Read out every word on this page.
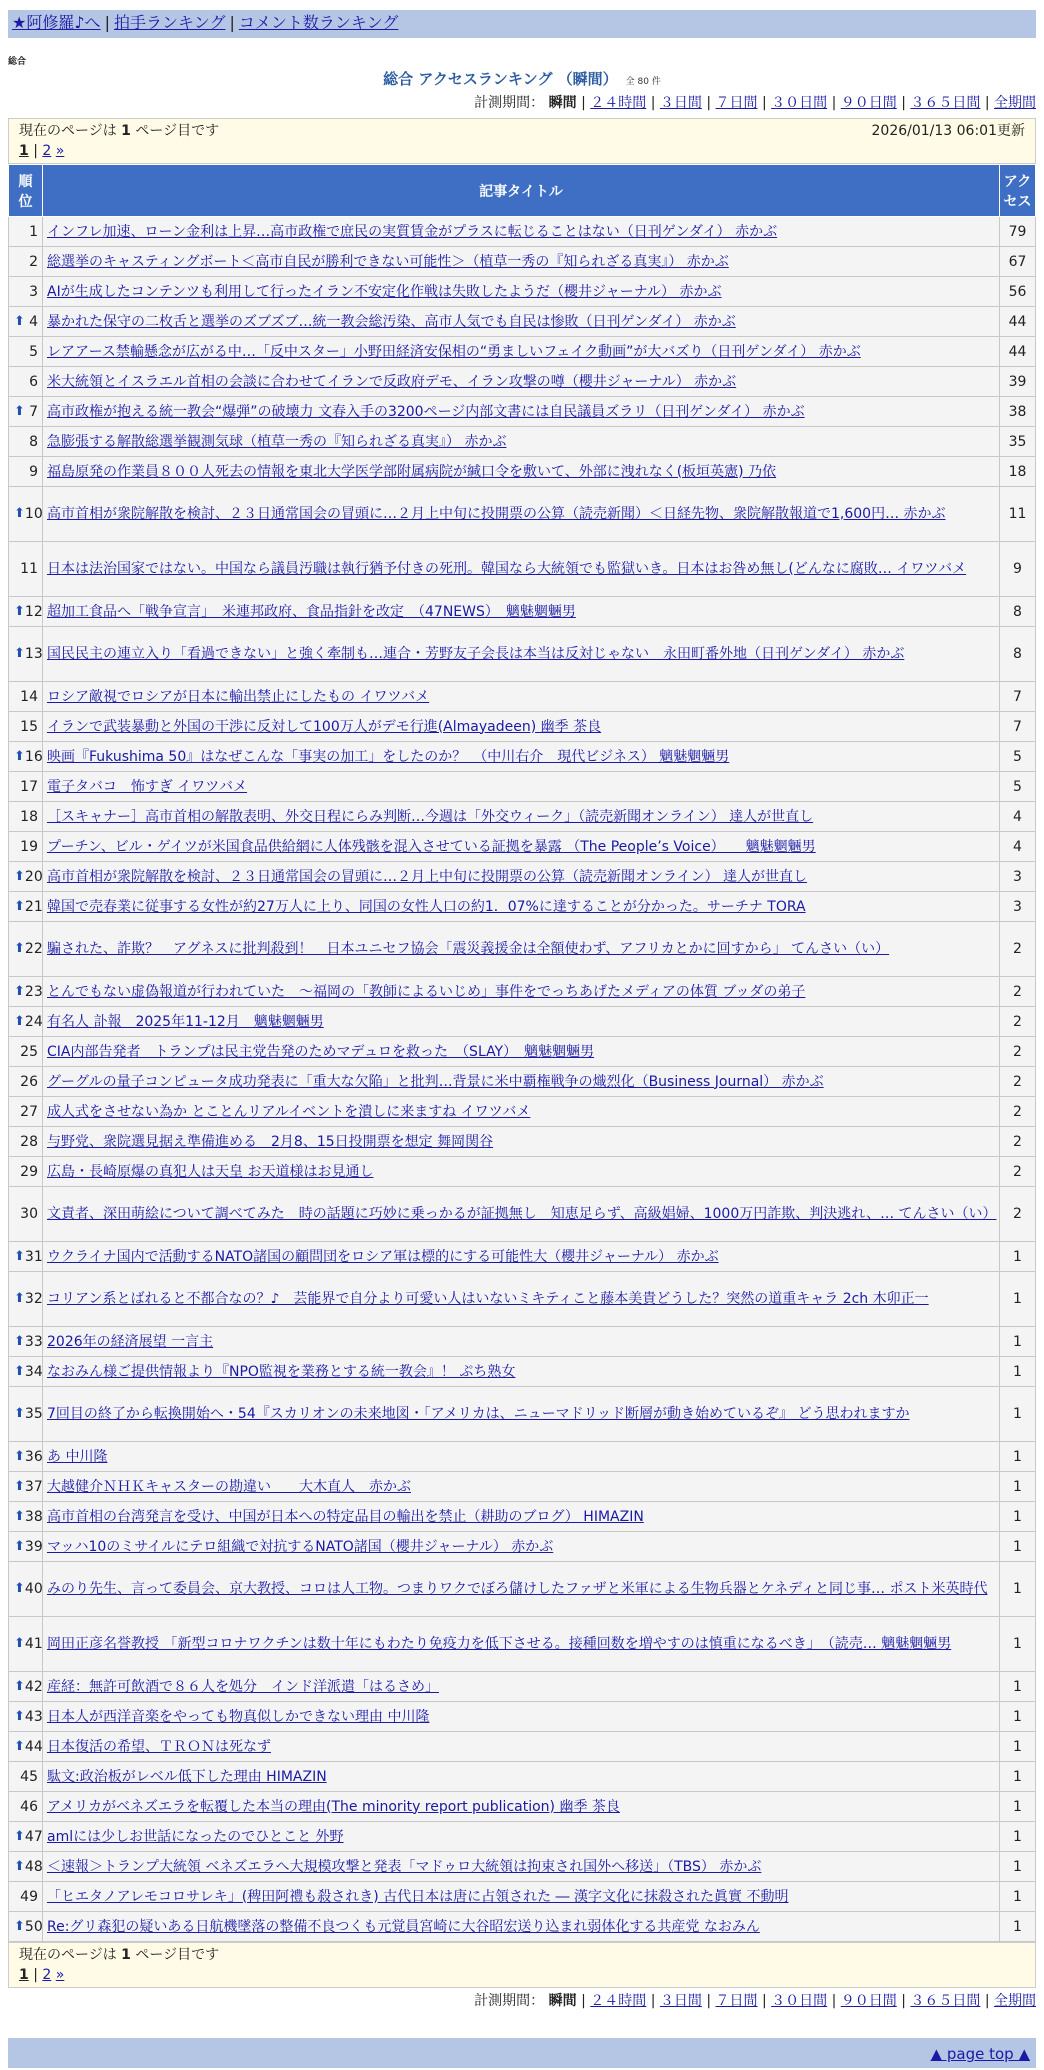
★阿修羅♪へ | 拍手ランキング | コメント数ランキング
総合
総合 アクセスランキング （瞬間） 全 80 件
計測期間： 瞬間 | ２４時間 | ３日間 | ７日間 | ３０日間 | ９０日間 | ３６５日間 | 全期間
現在のページは 1 ページ目です	2026/01/13 06:01更新
1 | 2 »
順位	記事タイトル	アクセス
1	インフレ加速、ローン金利は上昇…高市政権で庶民の実質賃金がプラスに転じることはない（日刊ゲンダイ） 赤かぶ	79
2	総選挙のキャスティングボート＜高市自民が勝利できない可能性＞（植草一秀の『知られざる真実』） 赤かぶ	67
3	AIが生成したコンテンツも利用して行ったイラン不安定化作戦は失敗したようだ（櫻井ジャーナル） 赤かぶ	56

⬆ 4	暴かれた保守の二枚舌と選挙のズブズブ…統一教会総汚染、高市人気でも自民は惨敗（日刊ゲンダイ） 赤かぶ	44
5	レアアース禁輸懸念が広がる中…「反中スター」小野田経済安保相の“勇ましいフェイク動画”が大バズり（日刊ゲンダイ） 赤かぶ	44
6	米大統領とイスラエル首相の会談に合わせてイランで反政府デモ、イラン攻撃の噂（櫻井ジャーナル） 赤かぶ	39

⬆ 7	高市政権が抱える統一教会“爆弾”の破壊力 文春入手の3200ページ内部文書には自民議員ズラリ（日刊ゲンダイ） 赤かぶ	38
8	急膨張する解散総選挙観測気球（植草一秀の『知られざる真実』） 赤かぶ	35
9	福島原発の作業員８００人死去の情報を東北大学医学部附属病院が緘口令を敷いて、外部に洩れなく(板垣英憲) 乃依	18

⬆ 10	高市首相が衆院解散を検討、２３日通常国会の冒頭に…２月上中旬に投開票の公算（読売新聞）＜日経先物、衆院解散報道で1,600円… 赤かぶ	11
11	日本は法治国家ではない。中国なら議員汚職は執行猶予付きの死刑。韓国なら大統領でも監獄いき。日本はお咎め無し(どんなに腐敗… イワツバメ	9

⬆ 12	超加工食品へ「戦争宣言」　米連邦政府、食品指針を改定　（47NEWS）　魑魅魍魎男	8

⬆ 13	国民民主の連立入り「看過できない」と強く牽制も…連合・芳野友子会長は本当は反対じゃない　永田町番外地（日刊ゲンダイ） 赤かぶ	8
14	ロシア敵視でロシアが日本に輸出禁止にしたもの イワツバメ	7
15	イランで武装暴動と外国の干渉に反対して100万人がデモ行進(Almayadeen) 幽季 茶良	7

⬆ 16	映画『Fukushima 50』はなぜこんな「事実の加工」をしたのか？　（中川右介　現代ビジネス） 魑魅魍魎男	5
17	電子タバコ　怖すぎ イワツバメ	5
18	［スキャナー］高市首相の解散表明、外交日程にらみ判断…今週は「外交ウィーク」（読売新聞オンライン） 達人が世直し	4
19	プーチン、ビル・ゲイツが米国食品供給網に人体残骸を混入させている証拠を暴露 （The People’s Voice）　　魑魅魍魎男	4

⬆ 20	高市首相が衆院解散を検討、２３日通常国会の冒頭に…２月上中旬に投開票の公算（読売新聞オンライン） 達人が世直し	3

⬆ 21	韓国で売春業に従事する女性が約27万人に上り、同国の女性人口の約1．07%に達することが分かった。サーチナ TORA	3

⬆ 22	騙された、詐欺？　アグネスに批判殺到！　日本ユニセフ協会「震災義援金は全額使わず、アフリカとかに回すから」 てんさい（い）	2

⬆ 23	とんでもない虚偽報道が行われていた　～福岡の「教師によるいじめ」事件をでっちあげたメディアの体質 ブッダの弟子	2

⬆ 24	有名人 訃報　2025年11-12月　魑魅魍魎男	2
25	CIA内部告発者　トランプは民主党告発のためマデュロを救った　（SLAY）　魑魅魍魎男	2
26	グーグルの量子コンピュータ成功発表に「重大な欠陥」と批判…背景に米中覇権戦争の熾烈化（Business Journal） 赤かぶ	2
27	成人式をさせない為か とことんリアルイベントを潰しに来ますね イワツバメ	2
28	与野党、衆院選見据え準備進める　2月8、15日投開票を想定 舞岡関谷	2
29	広島・長崎原爆の真犯人は天皇 お天道様はお見通し	2
30	文責者、深田萌絵について調べてみた　時の話題に巧妙に乗っかるが証拠無し　知恵足らず、高級娼婦、1000万円詐欺、判決逃れ、… てんさい（い）	2

⬆ 31	ウクライナ国内で活動するNATO諸国の顧問団をロシア軍は標的にする可能性大（櫻井ジャーナル） 赤かぶ	1

⬆ 32	コリアン系とばれると不都合なの？♪　芸能界で自分より可愛い人はいないミキティこと藤本美貴どうした？突然の道重キャラ 2ch 木卯正一	1

⬆ 33	2026年の経済展望 一言主	1

⬆ 34	なおみん様ご提供情報より『NPO監視を業務とする統一教会』！ ぷち熟女	1

⬆ 35	7回目の終了から転換開始へ・54『スカリオンの未来地図・「アメリカは、ニューマドリッド断層が動き始めているぞ』 どう思われますか	1

⬆ 36	あ 中川隆	1

⬆ 37	大越健介ＮＨＫキャスターの勘違い　　大木直人　赤かぶ	1

⬆ 38	高市首相の台湾発言を受け、中国が日本への特定品目の輸出を禁止（耕助のブログ） HIMAZIN	1

⬆ 39	マッハ10のミサイルにテロ組織で対抗するNATO諸国（櫻井ジャーナル） 赤かぶ	1

⬆ 40	みのり先生、言って委員会、京大教授、コロは人工物。つまりワクでぼろ儲けしたファザと米軍による生物兵器とケネディと同じ事… ポスト米英時代	1

⬆ 41	岡田正彦名誉教授 「新型コロナワクチンは数十年にもわたり免疫力を低下させる。接種回数を増やすのは慎重になるべき」　（読売… 魑魅魍魎男	1

⬆ 42	産経：無許可飲酒で８６人を処分　インド洋派遣「はるさめ」	1

⬆ 43	日本人が西洋音楽をやっても物真似しかできない理由 中川隆	1

⬆ 44	日本復活の希望、ＴＲＯＮは死なず	1
45	駄文:政治板がレベル低下した理由 HIMAZIN	1
46	アメリカがベネズエラを転覆した本当の理由(The minority report publication) 幽季 茶良	1

⬆ 47	amlには少しお世話になったのでひとこと 外野	1

⬆ 48	＜速報＞トランプ大統領 ベネズエラへ大規模攻撃と発表「マドゥロ大統領は拘束され国外へ移送」（TBS） 赤かぶ	1
49	「ヒエタノアレモコロサレキ」(稗田阿禮も殺されき) 古代日本は唐に占領された ― 漢字文化に抹殺された眞實 不動明	1

⬆ 50	Re:グリ森犯の疑いある日航機墜落の整備不良つくも元覚員宮崎に大谷昭宏送り込まれ弱体化する共産党 なおみん	1
現在のページは 1 ページ目です
1 | 2 »
計測期間： 瞬間 | ２４時間 | ３日間 | ７日間 | ３０日間 | ９０日間 | ３６５日間 | 全期間
▲ page top ▲
